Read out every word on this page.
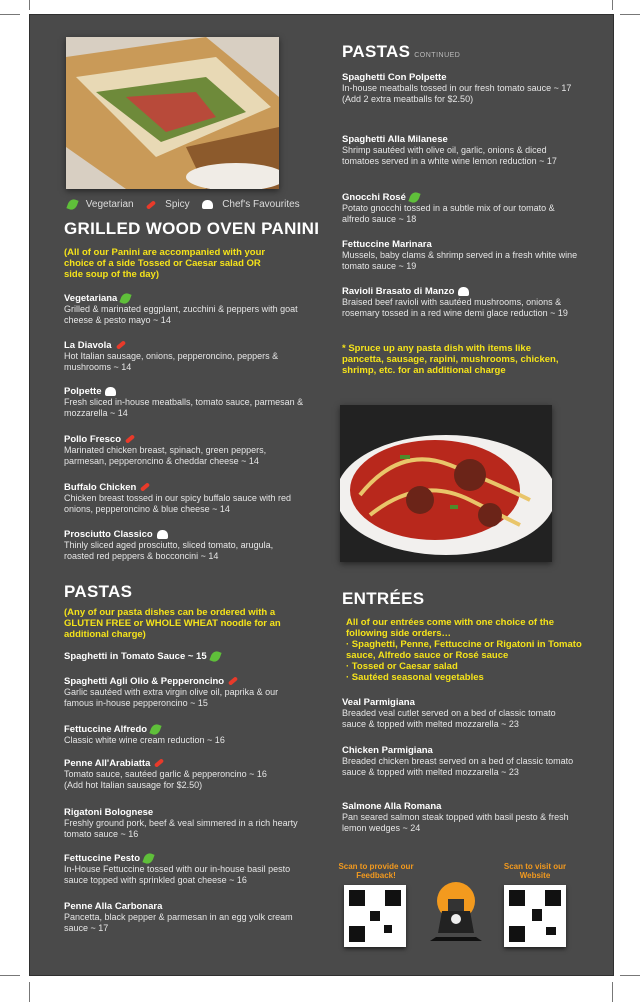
Vegetarian	Spicy	Chef's Favourites
GRILLED WOOD OVEN PANINI
(All of our Panini are accompanied with your choice of a side Tossed or Caesar salad OR side soup of the day)
Vegetariana
Grilled & marinated eggplant, zucchini & peppers with goat cheese & pesto mayo ~ 14
La Diavola
Hot Italian sausage, onions, pepperoncino, peppers & mushrooms ~ 14
Polpette
Fresh sliced in-house meatballs, tomato sauce, parmesan & mozzarella ~ 14
Pollo Fresco
Marinated chicken breast, spinach, green peppers, parmesan, pepperoncino & cheddar cheese ~ 14
Buffalo Chicken
Chicken breast tossed in our spicy buffalo sauce with red onions, pepperoncino & blue cheese ~ 14
Prosciutto Classico
Thinly sliced aged prosciutto, sliced tomato, arugula, roasted red peppers & bocconcini ~ 14
PASTAS
(Any of our pasta dishes can be ordered with a GLUTEN FREE or WHOLE WHEAT noodle for an additional charge)
Spaghetti in Tomato Sauce ~ 15
Spaghetti Agli Olio & Pepperoncino
Garlic sautéed with extra virgin olive oil, paprika & our famous in-house pepperoncino ~ 15
Fettuccine Alfredo
Classic white wine cream reduction ~ 16
Penne All'Arabiatta
Tomato sauce, sautéed garlic & pepperoncino ~ 16
(Add hot Italian sausage for $2.50)
Rigatoni Bolognese
Freshly ground pork, beef & veal simmered in a rich hearty tomato sauce ~ 16
Fettuccine Pesto
In-House Fettuccine tossed with our in-house basil pesto sauce topped with sprinkled goat cheese ~ 16
Penne Alla Carbonara
Pancetta, black pepper & parmesan in an egg yolk cream sauce ~ 17
PASTAS CONTINUED
Spaghetti Con Polpette
In-house meatballs tossed in our fresh tomato sauce ~ 17
(Add 2 extra meatballs for $2.50)
Spaghetti Alla Milanese
Shrimp sautéed with olive oil, garlic, onions & diced tomatoes served in a white wine lemon reduction ~ 17
Gnocchi Rosé
Potato gnocchi tossed in a subtle mix of our tomato & alfredo sauce ~ 18
Fettuccine Marinara
Mussels, baby clams & shrimp served in a fresh white wine tomato sauce ~ 19
Ravioli Brasato di Manzo
Braised beef ravioli with sautéed mushrooms, onions & rosemary tossed in a red wine demi glace reduction ~ 19
* Spruce up any pasta dish with items like pancetta, sausage, rapini, mushrooms, chicken, shrimp, etc. for an additional charge
ENTRÉES
All of our entrées come with one choice of the following side orders…
· Spaghetti, Penne, Fettuccine or Rigatoni in Tomato sauce, Alfredo sauce or Rosé sauce
· Tossed or Caesar salad
· Sautéed seasonal vegetables
Veal Parmigiana
Breaded veal cutlet served on a bed of classic tomato sauce & topped with melted mozzarella ~ 23
Chicken Parmigiana
Breaded chicken breast served on a bed of classic tomato sauce & topped with melted mozzarella ~ 23
Salmone Alla Romana
Pan seared salmon steak topped with basil pesto & fresh lemon wedges ~ 24
Scan to provide our Feedback!
Scan to visit our Website
